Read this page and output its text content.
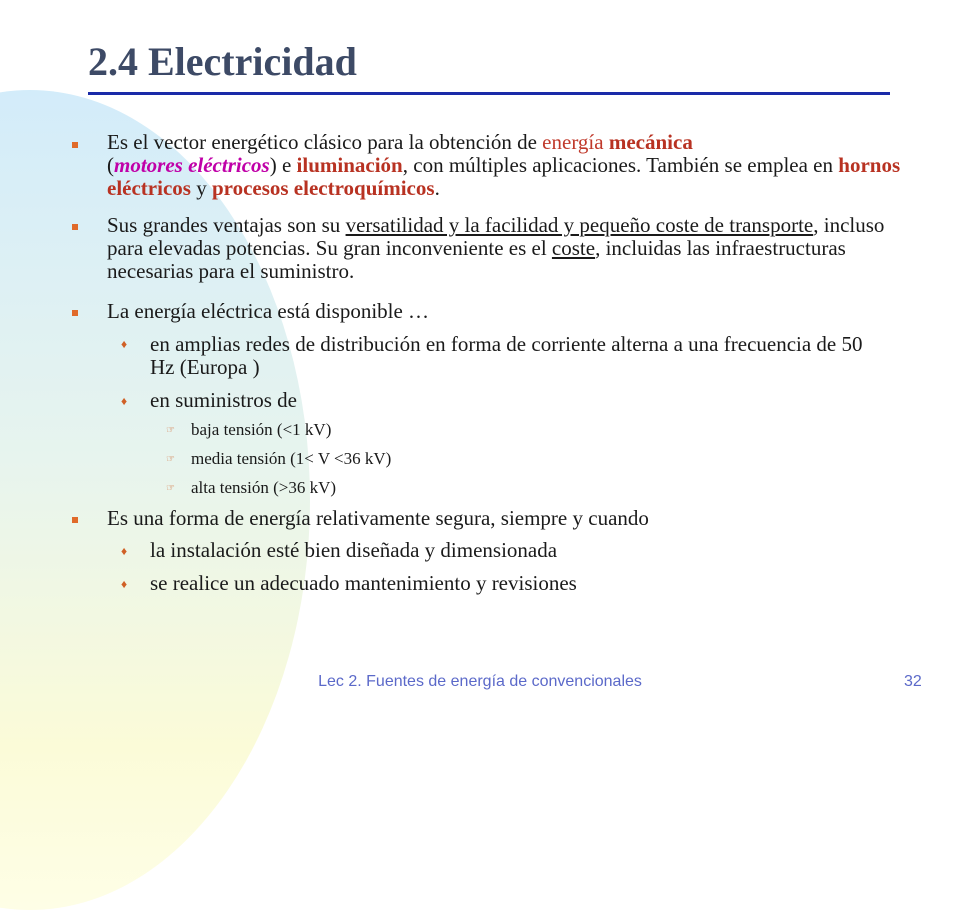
2.4 Electricidad
Es el vector energético clásico para la obtención de energía mecánica
(motores eléctricos) e iluminación, con múltiples aplicaciones. También se emplea en hornos eléctricos y procesos electroquímicos.
Sus grandes ventajas son su versatilidad y la facilidad y pequeño coste de transporte, incluso para elevadas potencias. Su gran inconveniente es el coste, incluidas las infraestructuras necesarias para el suministro.
La energía eléctrica está disponible …
♦ en amplias redes de distribución en forma de corriente alterna a una frecuencia de 50 Hz (Europa )
♦ en suministros de
☞ baja tensión (<1 kV)
☞ media tensión (1< V <36 kV)
☞ alta tensión (>36 kV)
Es una forma de energía relativamente segura, siempre y cuando
♦ la instalación esté bien diseñada y dimensionada
♦ se realice un adecuado mantenimiento y revisiones
Lec 2. Fuentes de energía de convencionales	32
